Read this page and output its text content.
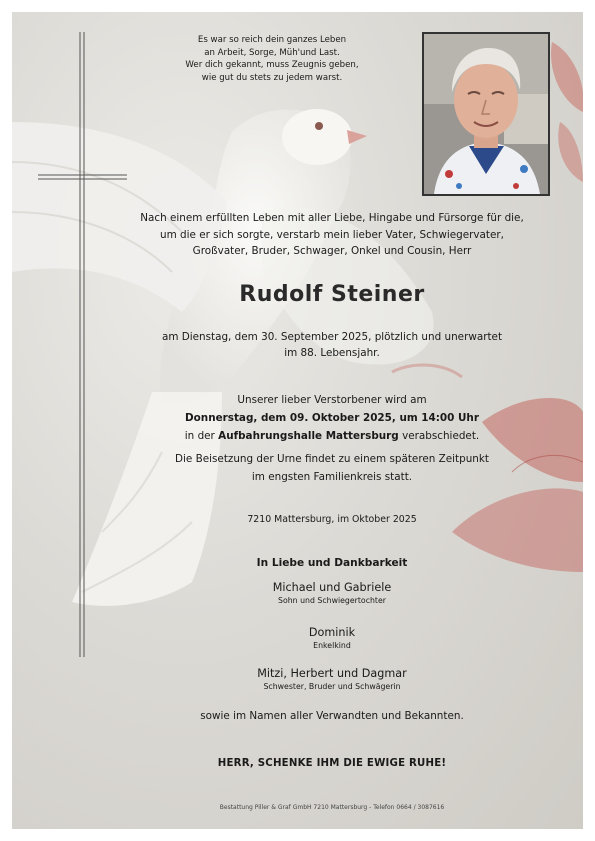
Es war so reich dein ganzes Leben
an Arbeit, Sorge, Müh'und Last.
Wer dich gekannt, muss Zeugnis geben,
wie gut du stets zu jedem warst.
Nach einem erfüllten Leben mit aller Liebe, Hingabe und Fürsorge für die,
um die er sich sorgte, verstarb mein lieber Vater, Schwiegervater,
Großvater, Bruder, Schwager, Onkel und Cousin, Herr
Rudolf Steiner
am Dienstag, dem 30. September 2025, plötzlich und unerwartet
im 88. Lebensjahr.
Unserer lieber Verstorbener wird am
Donnerstag, dem 09. Oktober 2025, um 14:00 Uhr
in der Aufbahrungshalle Mattersburg verabschiedet.
Die Beisetzung der Urne findet zu einem späteren Zeitpunkt
im engsten Familienkreis statt.
7210 Mattersburg, im Oktober 2025
In Liebe und Dankbarkeit
Michael und Gabriele
Sohn und Schwiegertochter
Dominik
Enkelkind
Mitzi, Herbert und Dagmar
Schwester, Bruder und Schwägerin
sowie im Namen aller Verwandten und Bekannten.
HERR, SCHENKE IHM DIE EWIGE RUHE!
Bestattung Piller & Graf GmbH 7210 Mattersburg - Telefon 0664 / 3087616
